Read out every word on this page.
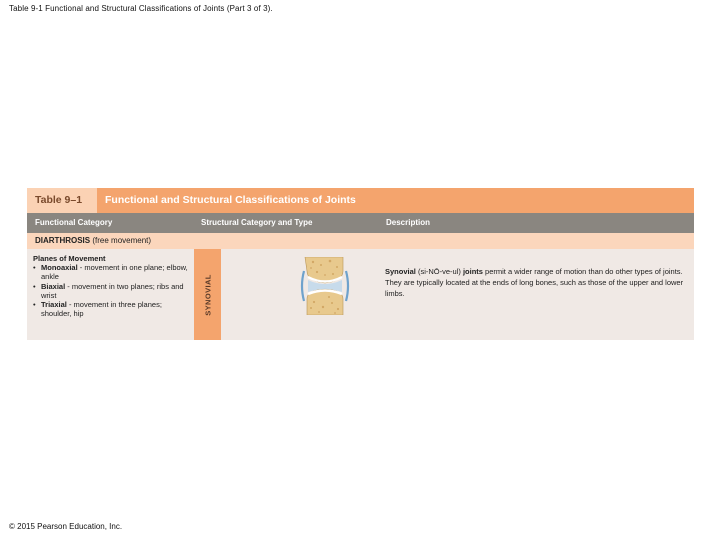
Table 9-1 Functional and Structural Classifications of Joints (Part 3 of 3).
Table 9–1	Functional and Structural Classifications of Joints
Functional Category	Structural Category and Type	Description
DIARTHROSIS (free movement)
Planes of Movement
• Monoaxial - movement in one plane; elbow, ankle
• Biaxial - movement in two planes; ribs and wrist
• Triaxial - movement in three planes; shoulder, hip	SYNOVIAL
Synovial (si-NŌ-ve-ul) joints permit a wider range of motion than do other types of joints. They are typically located at the ends of long bones, such as those of the upper and lower limbs.
© 2015 Pearson Education, Inc.
